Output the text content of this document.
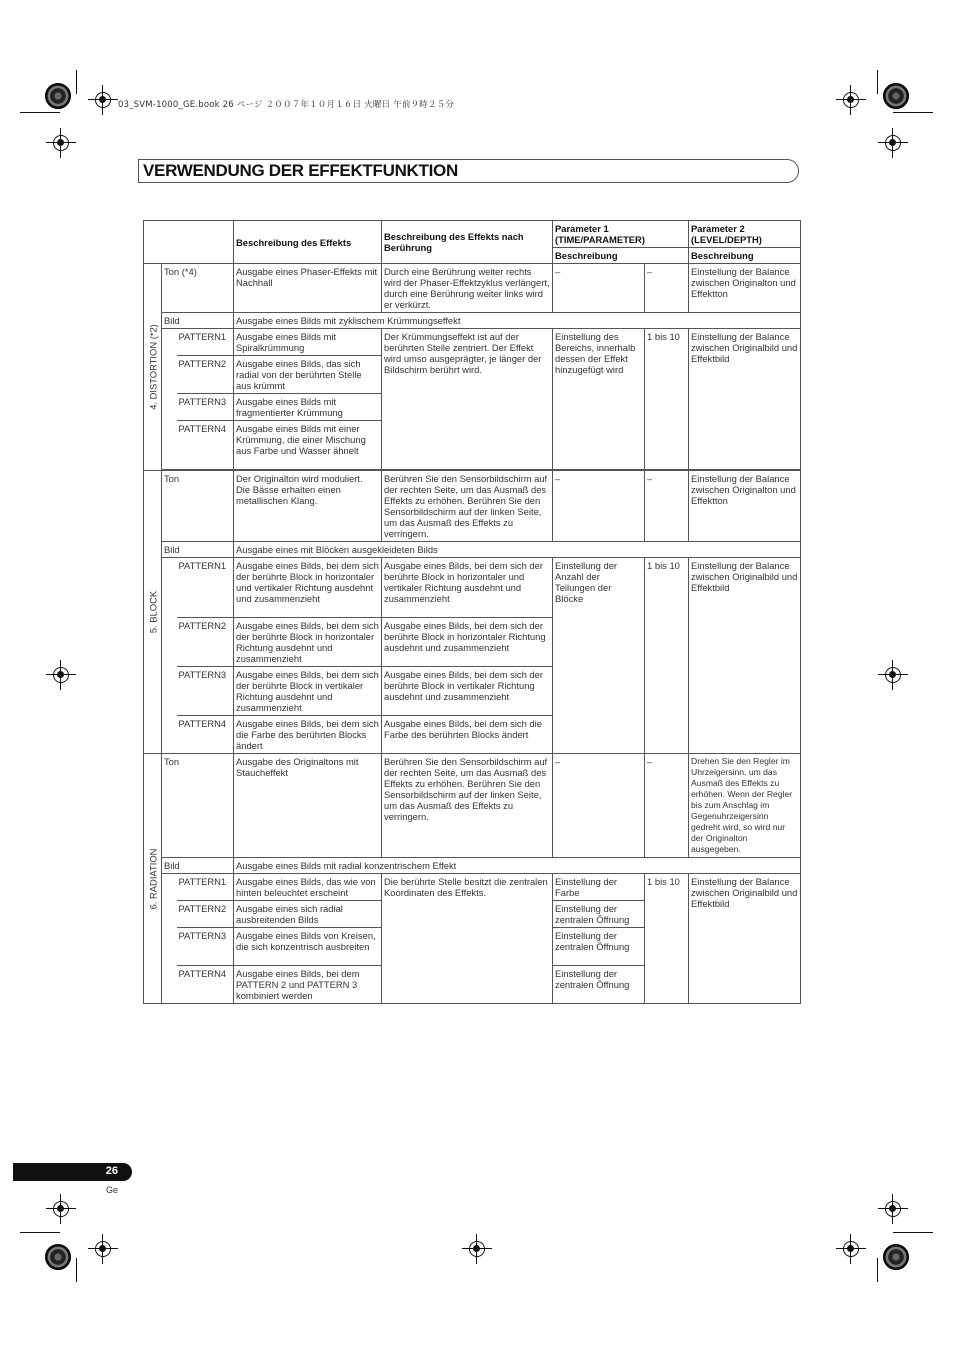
03_SVM-1000_GE.book 26 ページ ２００７年１０月１６日 火曜日 午前９時２５分
VERWENDUNG DER EFFEKTFUNKTION
			Beschreibung des Effekts	Beschreibung des Effekts nach Berührung	Parameter 1 (TIME/PARAMETER)		Parameter 2 (LEVEL/DEPTH)
					Beschreibung		Beschreibung

4. DISTORTION (*2)	Ton (*4)		Ausgabe eines Phaser-Effekts mit Nachhall	Durch eine Berührung weiter rechts wird der Phaser-Effektzyklus verlängert, durch eine Berührung weiter links wird er verkürzt.	–	–	Einstellung der Balance zwischen Originalton und Effektton
	Bild		Ausgabe eines Bilds mit zyklischem Krümmungseffekt				
		PATTERN1	Ausgabe eines Bilds mit Spiralkrümmung	Der Krümmungseffekt ist auf der berührten Stelle zentriert. Der Effekt wird umso ausgeprägter, je länger der Bildschirm berührt wird.	Einstellung des Bereichs, innerhalb dessen der Effekt hinzugefügt wird	1 bis 10	Einstellung der Balance zwischen Originalbild und Effektbild
		PATTERN2	Ausgabe eines Bilds, das sich radial von der berührten Stelle aus krümmt				
		PATTERN3	Ausgabe eines Bilds mit fragmentierter Krümmung				
		PATTERN4	Ausgabe eines Bilds mit einer Krümmung, die einer Mischung aus Farbe und Wasser ähnelt				

5. BLOCK	Ton		Der Originalton wird moduliert. Die Bässe erhalten einen metallischen Klang.	Berühren Sie den Sensorbildschirm auf der rechten Seite, um das Ausmaß des Effekts zu erhöhen. Berühren Sie den Sensorbildschirm auf der linken Seite, um das Ausmaß des Effekts zu verringern.	–	–	Einstellung der Balance zwischen Originalton und Effektton
	Bild		Ausgabe eines mit Blöcken ausgekleideten Bilds				
		PATTERN1	Ausgabe eines Bilds, bei dem sich der berührte Block in horizontaler und vertikaler Richtung ausdehnt und zusammenzieht	Ausgabe eines Bilds, bei dem sich der berührte Block in horizontaler und vertikaler Richtung ausdehnt und zusammenzieht	Einstellung der Anzahl der Teilungen der Blöcke	1 bis 10	Einstellung der Balance zwischen Originalbild und Effektbild
		PATTERN2	Ausgabe eines Bilds, bei dem sich der berührte Block in horizontaler Richtung ausdehnt und zusammenzieht	Ausgabe eines Bilds, bei dem sich der berührte Block in horizontaler Richtung ausdehnt und zusammenzieht			
		PATTERN3	Ausgabe eines Bilds, bei dem sich der berührte Block in vertikaler Richtung ausdehnt und zusammenzieht	Ausgabe eines Bilds, bei dem sich der berührte Block in vertikaler Richtung ausdehnt und zusammenzieht			
		PATTERN4	Ausgabe eines Bilds, bei dem sich die Farbe des berührten Blocks ändert	Ausgabe eines Bilds, bei dem sich die Farbe des berührten Blocks ändert			

6. RADIATION	Ton		Ausgabe des Originaltons mit Staucheffekt	Berühren Sie den Sensorbildschirm auf der rechten Seite, um das Ausmaß des Effekts zu erhöhen. Berühren Sie den Sensorbildschirm auf der linken Seite, um das Ausmaß des Effekts zu verringern.	–	–	Drehen Sie den Regler im Uhrzeigersinn, um das Ausmaß des Effekts zu erhöhen. Wenn der Regler bis zum Anschlag im Gegenuhrzeigersinn gedreht wird, so wird nur der Originalton ausgegeben.
	Bild		Ausgabe eines Bilds mit radial konzentrischem Effekt				
		PATTERN1	Ausgabe eines Bilds, das wie von hinten beleuchtet erscheint	Die berührte Stelle besitzt die zentralen Koordinaten des Effekts.	Einstellung der Farbe	1 bis 10	Einstellung der Balance zwischen Originalbild und Effektbild
		PATTERN2	Ausgabe eines sich radial ausbreitenden Bilds		Einstellung der zentralen Öffnung		
		PATTERN3	Ausgabe eines Bilds von Kreisen, die sich konzentrisch ausbreiten		Einstellung der zentralen Öffnung		
		PATTERN4	Ausgabe eines Bilds, bei dem PATTERN 2 und PATTERN 3 kombiniert werden		Einstellung der zentralen Öffnung		
26
Ge
